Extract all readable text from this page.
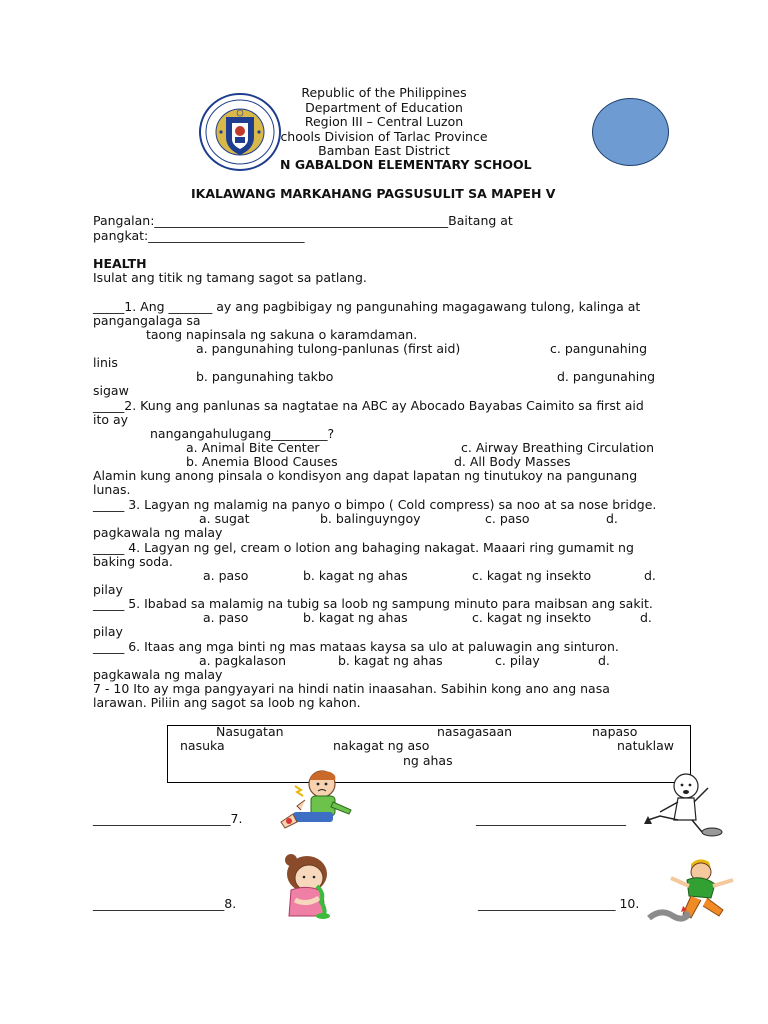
Republic of the Philippines
Department of Education
Region III – Central Luzon
chools Division of Tarlac Province
Bamban East District
N GABALDON ELEMENTARY SCHOOL
IKALAWANG MARKAHANG PAGSUSULIT SA MAPEH V
Pangalan:_______________________________________________Baitang at
pangkat:_________________________
HEALTH
Isulat ang titik ng tamang sagot sa patlang.
_____1. Ang _______ ay ang pagbibigay ng pangunahing magagawang tulong, kalinga at
pangangalaga sa
taong napinsala ng sakuna o karamdaman.
a. pangunahing tulong-panlunas (first aid)	c. pangunahing
linis
b. pangunahing takbo	d. pangunahing
sigaw
_____2. Kung ang panlunas sa nagtatae na ABC ay Abocado Bayabas Caimito sa first aid
ito ay
nangangahulugang_________?
a. Animal Bite Center	c. Airway Breathing Circulation
b. Anemia Blood Causes	d. All Body Masses
Alamin kung anong pinsala o kondisyon ang dapat lapatan ng tinutukoy na pangunang
lunas.
_____ 3. Lagyan ng malamig na panyo o bimpo ( Cold compress) sa noo at sa nose bridge.
a. sugat	b. balinguyngoy	c. paso	d.
pagkawala ng malay
_____ 4. Lagyan ng gel, cream o lotion ang bahaging nakagat. Maaari ring gumamit ng
baking soda.
a. paso	b. kagat ng ahas	c. kagat ng insekto	d.
pilay
_____ 5. Ibabad sa malamig na tubig sa loob ng sampung minuto para maibsan ang sakit.
a. paso	b. kagat ng ahas	c. kagat ng insekto	d.
pilay
_____ 6. Itaas ang mga binti ng mas mataas kaysa sa ulo at paluwagin ang sinturon.
a. pagkalason	b. kagat ng ahas	c. pilay	d.
pagkawala ng malay
7 - 10 Ito ay mga pangyayari na hindi natin inaasahan. Sabihin kong ano ang nasa
larawan. Piliin ang sagot sa loob ng kahon.
Nasugatan	nasagasaan	napaso
nasuka	nakagat ng aso	natuklaw
ng ahas
______________________7.	________________________
_____________________8.	______________________ 10.
